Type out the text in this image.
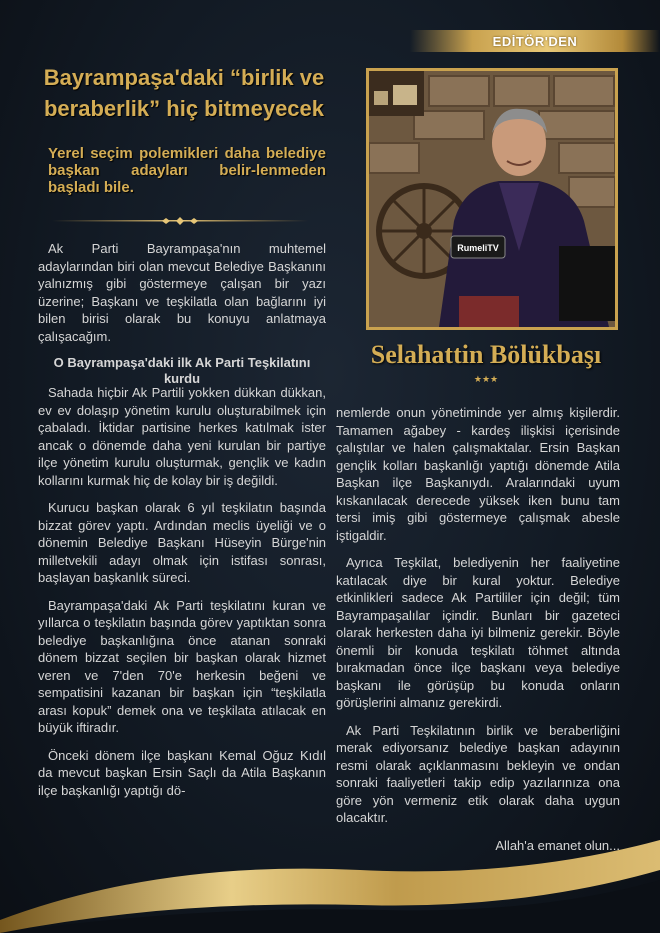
EDİTÖR'DEN
Bayrampaşa'daki “birlik ve
beraberlik” hiç bitmeyecek
Yerel seçim polemikleri daha belediye başkan adayları belir-lenmeden başladı bile.
RumeliTV
Selahattin Bölükbaşı
★★★

Ak Parti Bayrampaşa'nın muhtemel adaylarından biri olan mevcut Belediye Başkanını yalnızmış gibi göstermeye çalışan bir yazı üzerine; Başkanı ve teşkilatla olan bağlarını iyi bilen birisi olarak bu konuyu anlatmaya çalışacağım.

O Bayrampaşa'daki ilk Ak Parti Teşkilatını kurdu

Sahada hiçbir Ak Partili yokken dükkan dükkan, ev ev dolaşıp yönetim kurulu oluşturabilmek için çabaladı. İktidar partisine herkes katılmak ister ancak o dönemde daha yeni kurulan bir partiye ilçe yönetim kurulu oluşturmak, gençlik ve kadın kollarını kurmak hiç de kolay bir iş değildi.

Kurucu başkan olarak 6 yıl teşkilatın başında bizzat görev yaptı. Ardından meclis üyeliği ve o dönemin Belediye Başkanı Hüseyin Bürge'nin milletvekili adayı olmak için istifası sonrası, başlayan başkanlık süreci.

Bayrampaşa'daki Ak Parti teşkilatını kuran ve yıllarca o teşkilatın başında görev yaptıktan sonra belediye başkanlığına önce atanan sonraki dönem bizzat seçilen bir başkan olarak hizmet veren ve 7'den 70'e herkesin beğeni ve sempatisini kazanan bir başkan için “teşkilatla arası kopuk” demek ona ve teşkilata atılacak en büyük iftiradır.

Önceki dönem ilçe başkanı Kemal Oğuz Kıdıl da mevcut başkan Ersin Saçlı da Atila Başkanın ilçe başkanlığı yaptığı dö-

nemlerde onun yönetiminde yer almış kişilerdir. Tamamen ağabey - kardeş ilişkisi içerisinde çalıştılar ve halen çalışmaktalar. Ersin Başkan gençlik kolları başkanlığı yaptığı dönemde Atila Başkan ilçe Başkanıydı. Aralarındaki uyum kıskanılacak derecede yüksek iken bunu tam tersi imiş gibi göstermeye çalışmak abesle iştigaldir.

Ayrıca Teşkilat, belediyenin her faaliyetine katılacak diye bir kural yoktur. Belediye etkinlikleri sadece Ak Partililer için değil; tüm Bayrampaşalılar içindir. Bunları bir gazeteci olarak herkesten daha iyi bilmeniz gerekir. Böyle önemli bir konuda teşkilatı töhmet altında bırakmadan önce ilçe başkanı veya belediye başkanı ile görüşüp bu konuda onların görüşlerini almanız gerekirdi.

Ak Parti Teşkilatının birlik ve beraberliğini merak ediyorsanız belediye başkan adayının resmi olarak açıklanmasını bekleyin ve ondan sonraki faaliyetleri takip edip yazılarınıza ona göre yön vermeniz etik olarak daha uygun olacaktır.

Allah'a emanet olun...
